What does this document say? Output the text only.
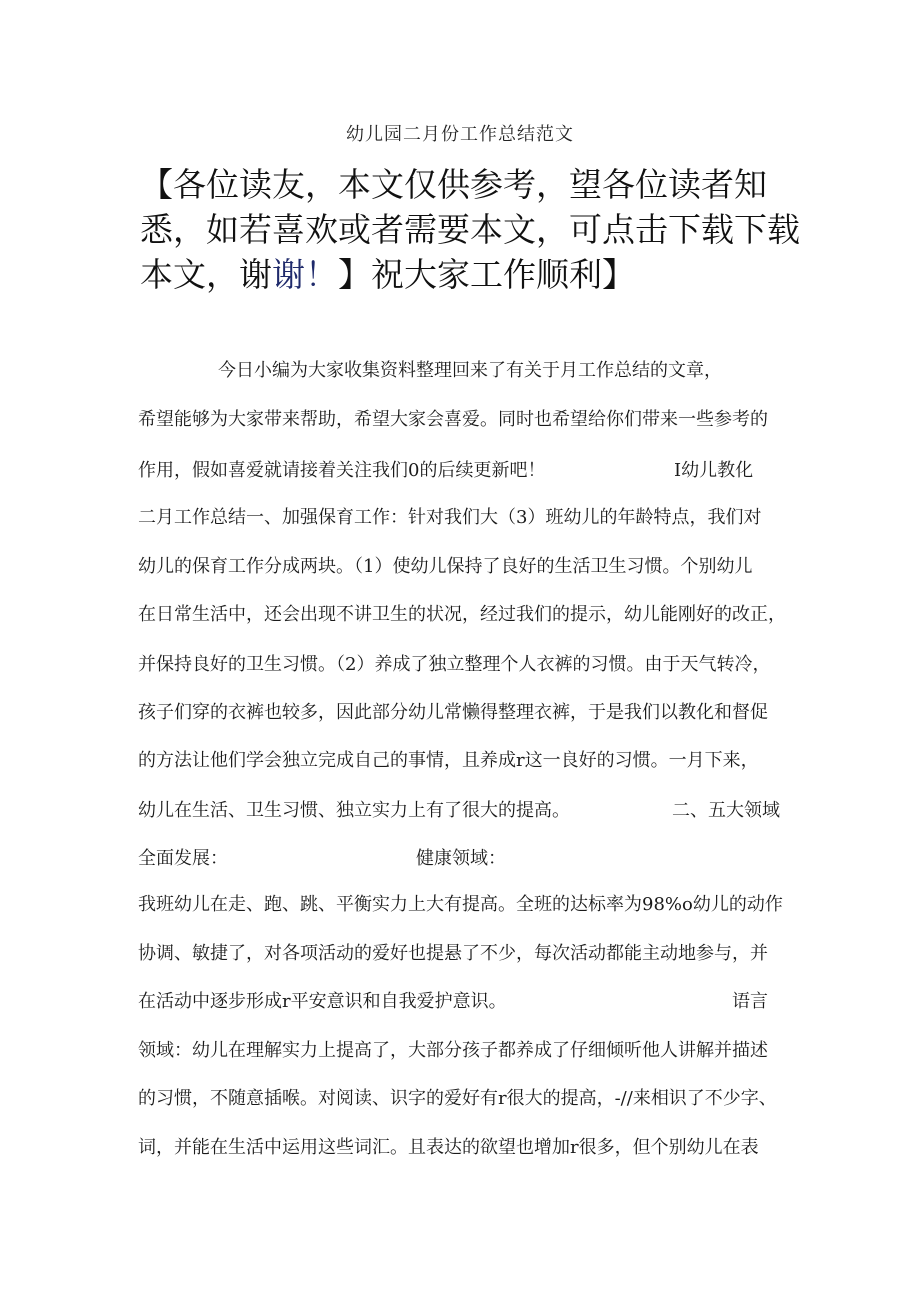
幼儿园二月份工作总结范文
【各位读友，本文仅供参考，望各位读者知悉，如若喜欢或者需要本文，可点击下载下载本文，谢谢！】祝大家工作顺利】
今日小编为大家收集资料整理回来了有关于月工作总结的文章，
希望能够为大家带来帮助，希望大家会喜爱。同时也希望给你们带来一些参考的
作用，假如喜爱就请接着关注我们0的后续更新吧！	I幼儿教化
二月工作总结一、加强保育工作：针对我们大（3）班幼儿的年龄特点，我们对
幼儿的保育工作分成两块。（1）使幼儿保持了良好的生活卫生习惯。个别幼儿
在日常生活中，还会出现不讲卫生的状况，经过我们的提示，幼儿能刚好的改正，
并保持良好的卫生习惯。（2）养成了独立整理个人衣裤的习惯。由于天气转冷，
孩子们穿的衣裤也较多，因此部分幼儿常懒得整理衣裤，于是我们以教化和督促
的方法让他们学会独立完成自己的事情，且养成r这一良好的习惯。一月下来，
幼儿在生活、卫生习惯、独立实力上有了很大的提高。	二、五大领域
全面发展：	健康领域：
我班幼儿在走、跑、跳、平衡实力上大有提高。全班的达标率为98%o幼儿的动作
协调、敏捷了，对各项活动的爱好也提悬了不少，每次活动都能主动地参与，并
在活动中逐步形成r平安意识和自我爱护意识。	语言
领域：幼儿在理解实力上提高了，大部分孩子都养成了仔细倾听他人讲解并描述
的习惯，不随意插喉。对阅读、识字的爱好有r很大的提高，-//来相识了不少字、
词，并能在生活中运用这些词汇。且表达的欲望也增加r很多，但个别幼儿在表
